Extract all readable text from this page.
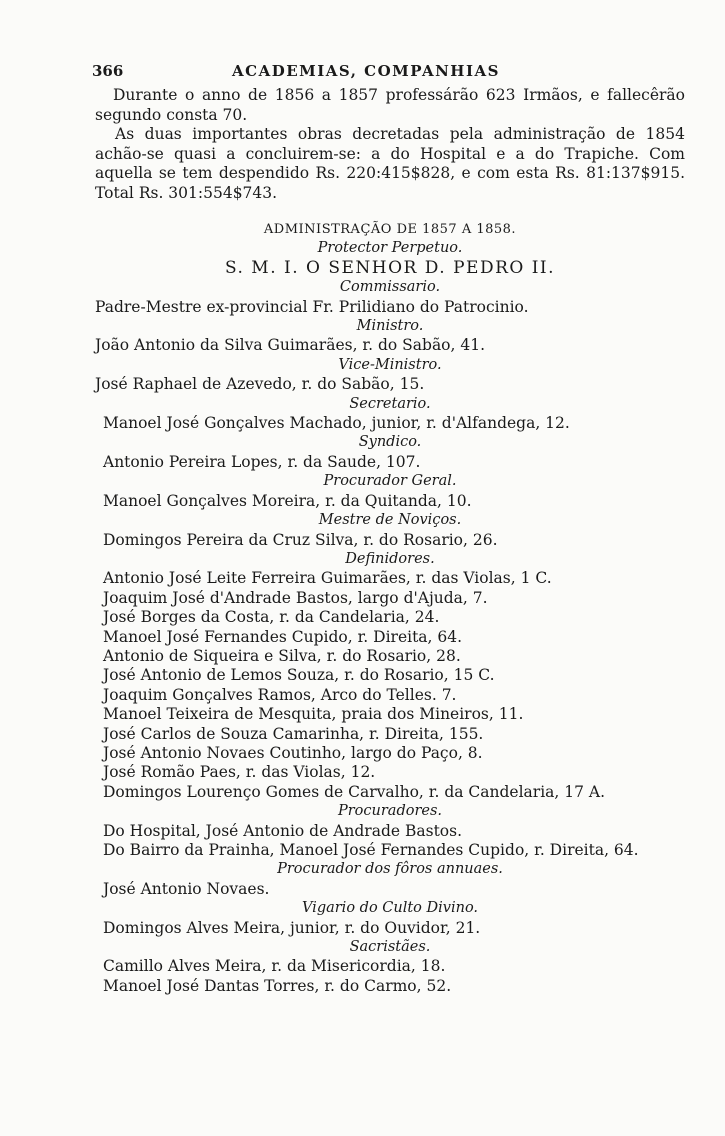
366	ACADEMIAS, COMPANHIAS

Durante o anno de 1856 a 1857 professárão 623 Irmãos, e fallecêrão segundo consta 70.

As duas importantes obras decretadas pela administração de 1854 achão-se quasi a concluirem-se: a do Hospital e a do Trapiche. Com aquella se tem despendido Rs. 220:415$828, e com esta Rs. 81:137$915. Total Rs. 301:554$743.

ADMINISTRAÇÃO DE 1857 A 1858.
Protector Perpetuo.
S. M. I. O SENHOR D. PEDRO II.
Commissario.
Padre-Mestre ex-provincial Fr. Prilidiano do Patrocinio.
Ministro.
João Antonio da Silva Guimarães, r. do Sabão, 41.
Vice-Ministro.
José Raphael de Azevedo, r. do Sabão, 15.
Secretario.
Manoel José Gonçalves Machado, junior, r. d'Alfandega, 12.
Syndico.
Antonio Pereira Lopes, r. da Saude, 107.
Procurador Geral.
Manoel Gonçalves Moreira, r. da Quitanda, 10.
Mestre de Noviços.
Domingos Pereira da Cruz Silva, r. do Rosario, 26.
Definidores.
Antonio José Leite Ferreira Guimarães, r. das Violas, 1 C.
Joaquim José d'Andrade Bastos, largo d'Ajuda, 7.
José Borges da Costa, r. da Candelaria, 24.
Manoel José Fernandes Cupido, r. Direita, 64.
Antonio de Siqueira e Silva, r. do Rosario, 28.
José Antonio de Lemos Souza, r. do Rosario, 15 C.
Joaquim Gonçalves Ramos, Arco do Telles. 7.
Manoel Teixeira de Mesquita, praia dos Mineiros, 11.
José Carlos de Souza Camarinha, r. Direita, 155.
José Antonio Novaes Coutinho, largo do Paço, 8.
José Romão Paes, r. das Violas, 12.
Domingos Lourenço Gomes de Carvalho, r. da Candelaria, 17 A.
Procuradores.
Do Hospital, José Antonio de Andrade Bastos.
Do Bairro da Prainha, Manoel José Fernandes Cupido, r. Direita, 64.
Procurador dos fôros annuaes.
José Antonio Novaes.
Vigario do Culto Divino.
Domingos Alves Meira, junior, r. do Ouvidor, 21.
Sacristães.
Camillo Alves Meira, r. da Misericordia, 18.
Manoel José Dantas Torres, r. do Carmo, 52.
